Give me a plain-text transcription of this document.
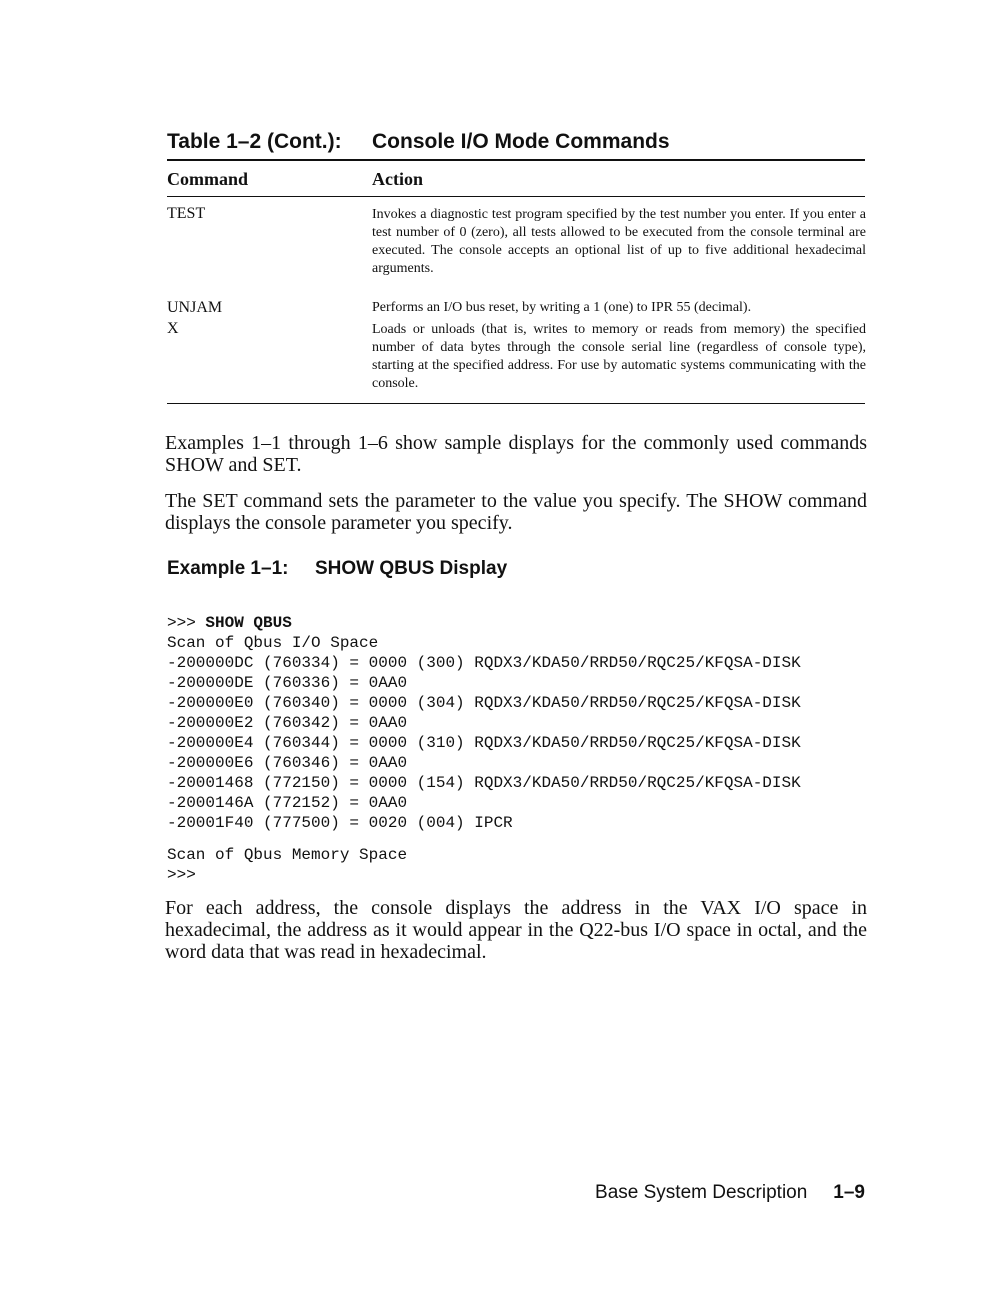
Table 1–2 (Cont.): Console I/O Mode Commands
Command	Action
TEST	Invokes a diagnostic test program specified by the test number you enter. If you enter a test number of 0 (zero), all tests allowed to be executed from the console terminal are executed. The console accepts an optional list of up to five additional hexadecimal arguments.
UNJAM	Performs an I/O bus reset, by writing a 1 (one) to IPR 55 (decimal).
X	Loads or unloads (that is, writes to memory or reads from memory) the specified number of data bytes through the console serial line (regardless of console type), starting at the specified address. For use by automatic systems communicating with the console.
Examples 1–1 through 1–6 show sample displays for the commonly used commands SHOW and SET.
The SET command sets the parameter to the value you specify. The SHOW command displays the console parameter you specify.
Example 1–1: SHOW QBUS Display
>>> SHOW QBUS
Scan of Qbus I/O Space
-200000DC (760334) = 0000 (300) RQDX3/KDA50/RRD50/RQC25/KFQSA-DISK
-200000DE (760336) = 0AA0
-200000E0 (760340) = 0000 (304) RQDX3/KDA50/RRD50/RQC25/KFQSA-DISK
-200000E2 (760342) = 0AA0
-200000E4 (760344) = 0000 (310) RQDX3/KDA50/RRD50/RQC25/KFQSA-DISK
-200000E6 (760346) = 0AA0
-20001468 (772150) = 0000 (154) RQDX3/KDA50/RRD50/RQC25/KFQSA-DISK
-2000146A (772152) = 0AA0
-20001F40 (777500) = 0020 (004) IPCR
Scan of Qbus Memory Space
>>>
For each address, the console displays the address in the VAX I/O space in hexadecimal, the address as it would appear in the Q22-bus I/O space in octal, and the word data that was read in hexadecimal.
Base System Description 1–9
